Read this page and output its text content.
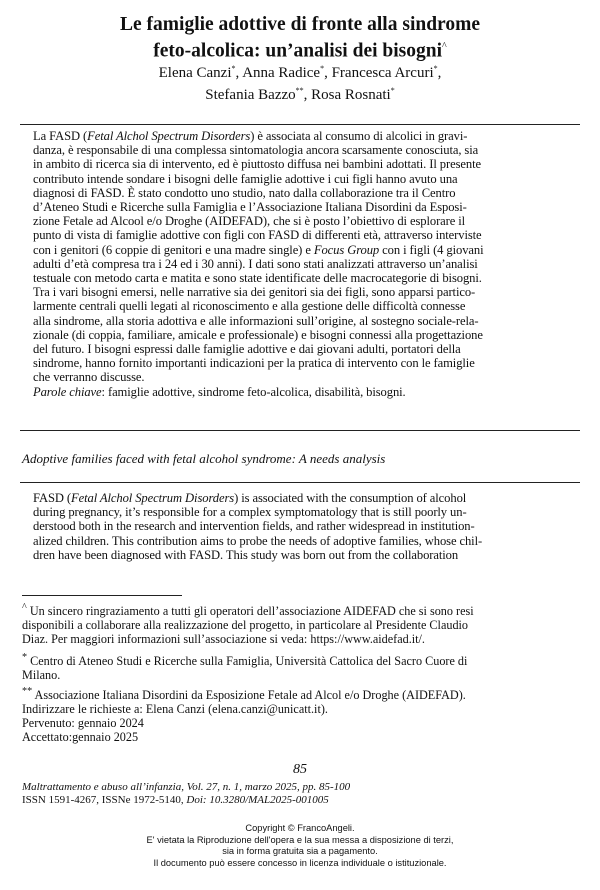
Le famiglie adottive di fronte alla sindrome
feto-alcolica: un’analisi dei bisogni^
Elena Canzi*, Anna Radice*, Francesca Arcuri*,
Stefania Bazzo**, Rosa Rosnati*

La FASD (Fetal Alchol Spectrum Disorders) è associata al consumo di alcolici in gravi-

danza, è responsabile di una complessa sintomatologia ancora scarsamente conosciuta, sia

in ambito di ricerca sia di intervento, ed è piuttosto diffusa nei bambini adottati. Il presente

contributo intende sondare i bisogni delle famiglie adottive i cui figli hanno avuto una

diagnosi di FASD. È stato condotto uno studio, nato dalla collaborazione tra il Centro

d’Ateneo Studi e Ricerche sulla Famiglia e l’Associazione Italiana Disordini da Esposi-

zione Fetale ad Alcool e/o Droghe (AIDEFAD), che si è posto l’obiettivo di esplorare il

punto di vista di famiglie adottive con figli con FASD di differenti età, attraverso interviste

con i genitori (6 coppie di genitori e una madre single) e Focus Group con i figli (4 giovani

adulti d’età compresa tra i 24 ed i 30 anni). I dati sono stati analizzati attraverso un’analisi

testuale con metodo carta e matita e sono state identificate delle macrocategorie di bisogni.

Tra i vari bisogni emersi, nelle narrative sia dei genitori sia dei figli, sono apparsi partico-

larmente centrali quelli legati al riconoscimento e alla gestione delle difficoltà connesse

alla sindrome, alla storia adottiva e alle informazioni sull’origine, al sostegno sociale-rela-

zionale (di coppia, familiare, amicale e professionale) e bisogni connessi alla progettazione

del futuro. I bisogni espressi dalle famiglie adottive e dai giovani adulti, portatori della

sindrome, hanno fornito importanti indicazioni per la pratica di intervento con le famiglie

che verranno discusse.

Parole chiave: famiglie adottive, sindrome feto-alcolica, disabilità, bisogni.

Adoptive families faced with fetal alcohol syndrome: A needs analysis

FASD (Fetal Alchol Spectrum Disorders) is associated with the consumption of alcohol

during pregnancy, it’s responsible for a complex symptomatology that is still poorly un-

derstood both in the research and intervention fields, and rather widespread in institution-

alized children. This contribution aims to probe the needs of adoptive families, whose chil-

dren have been diagnosed with FASD. This study was born out from the collaboration

^ Un sincero ringraziamento a tutti gli operatori dell’associazione AIDEFAD che si sono resi

disponibili a collaborare alla realizzazione del progetto, in particolare al Presidente Claudio

Diaz. Per maggiori informazioni sull’associazione si veda: https://www.aidefad.it/.

* Centro di Ateneo Studi e Ricerche sulla Famiglia, Università Cattolica del Sacro Cuore di

Milano.

** Associazione Italiana Disordini da Esposizione Fetale ad Alcol e/o Droghe (AIDEFAD).

Indirizzare le richieste a: Elena Canzi (elena.canzi@unicatt.it).

Pervenuto: gennaio 2024

Accettato:gennaio 2025

85
Maltrattamento e abuso all’infanzia, Vol. 27, n. 1, marzo 2025, pp. 85-100
ISSN 1591-4267, ISSNe 1972-5140, Doi: 10.3280/MAL2025-001005
Copyright © FrancoAngeli.
E' vietata la Riproduzione dell'opera e la sua messa a disposizione di terzi,
sia in forma gratuita sia a pagamento.
Il documento può essere concesso in licenza individuale o istituzionale.
